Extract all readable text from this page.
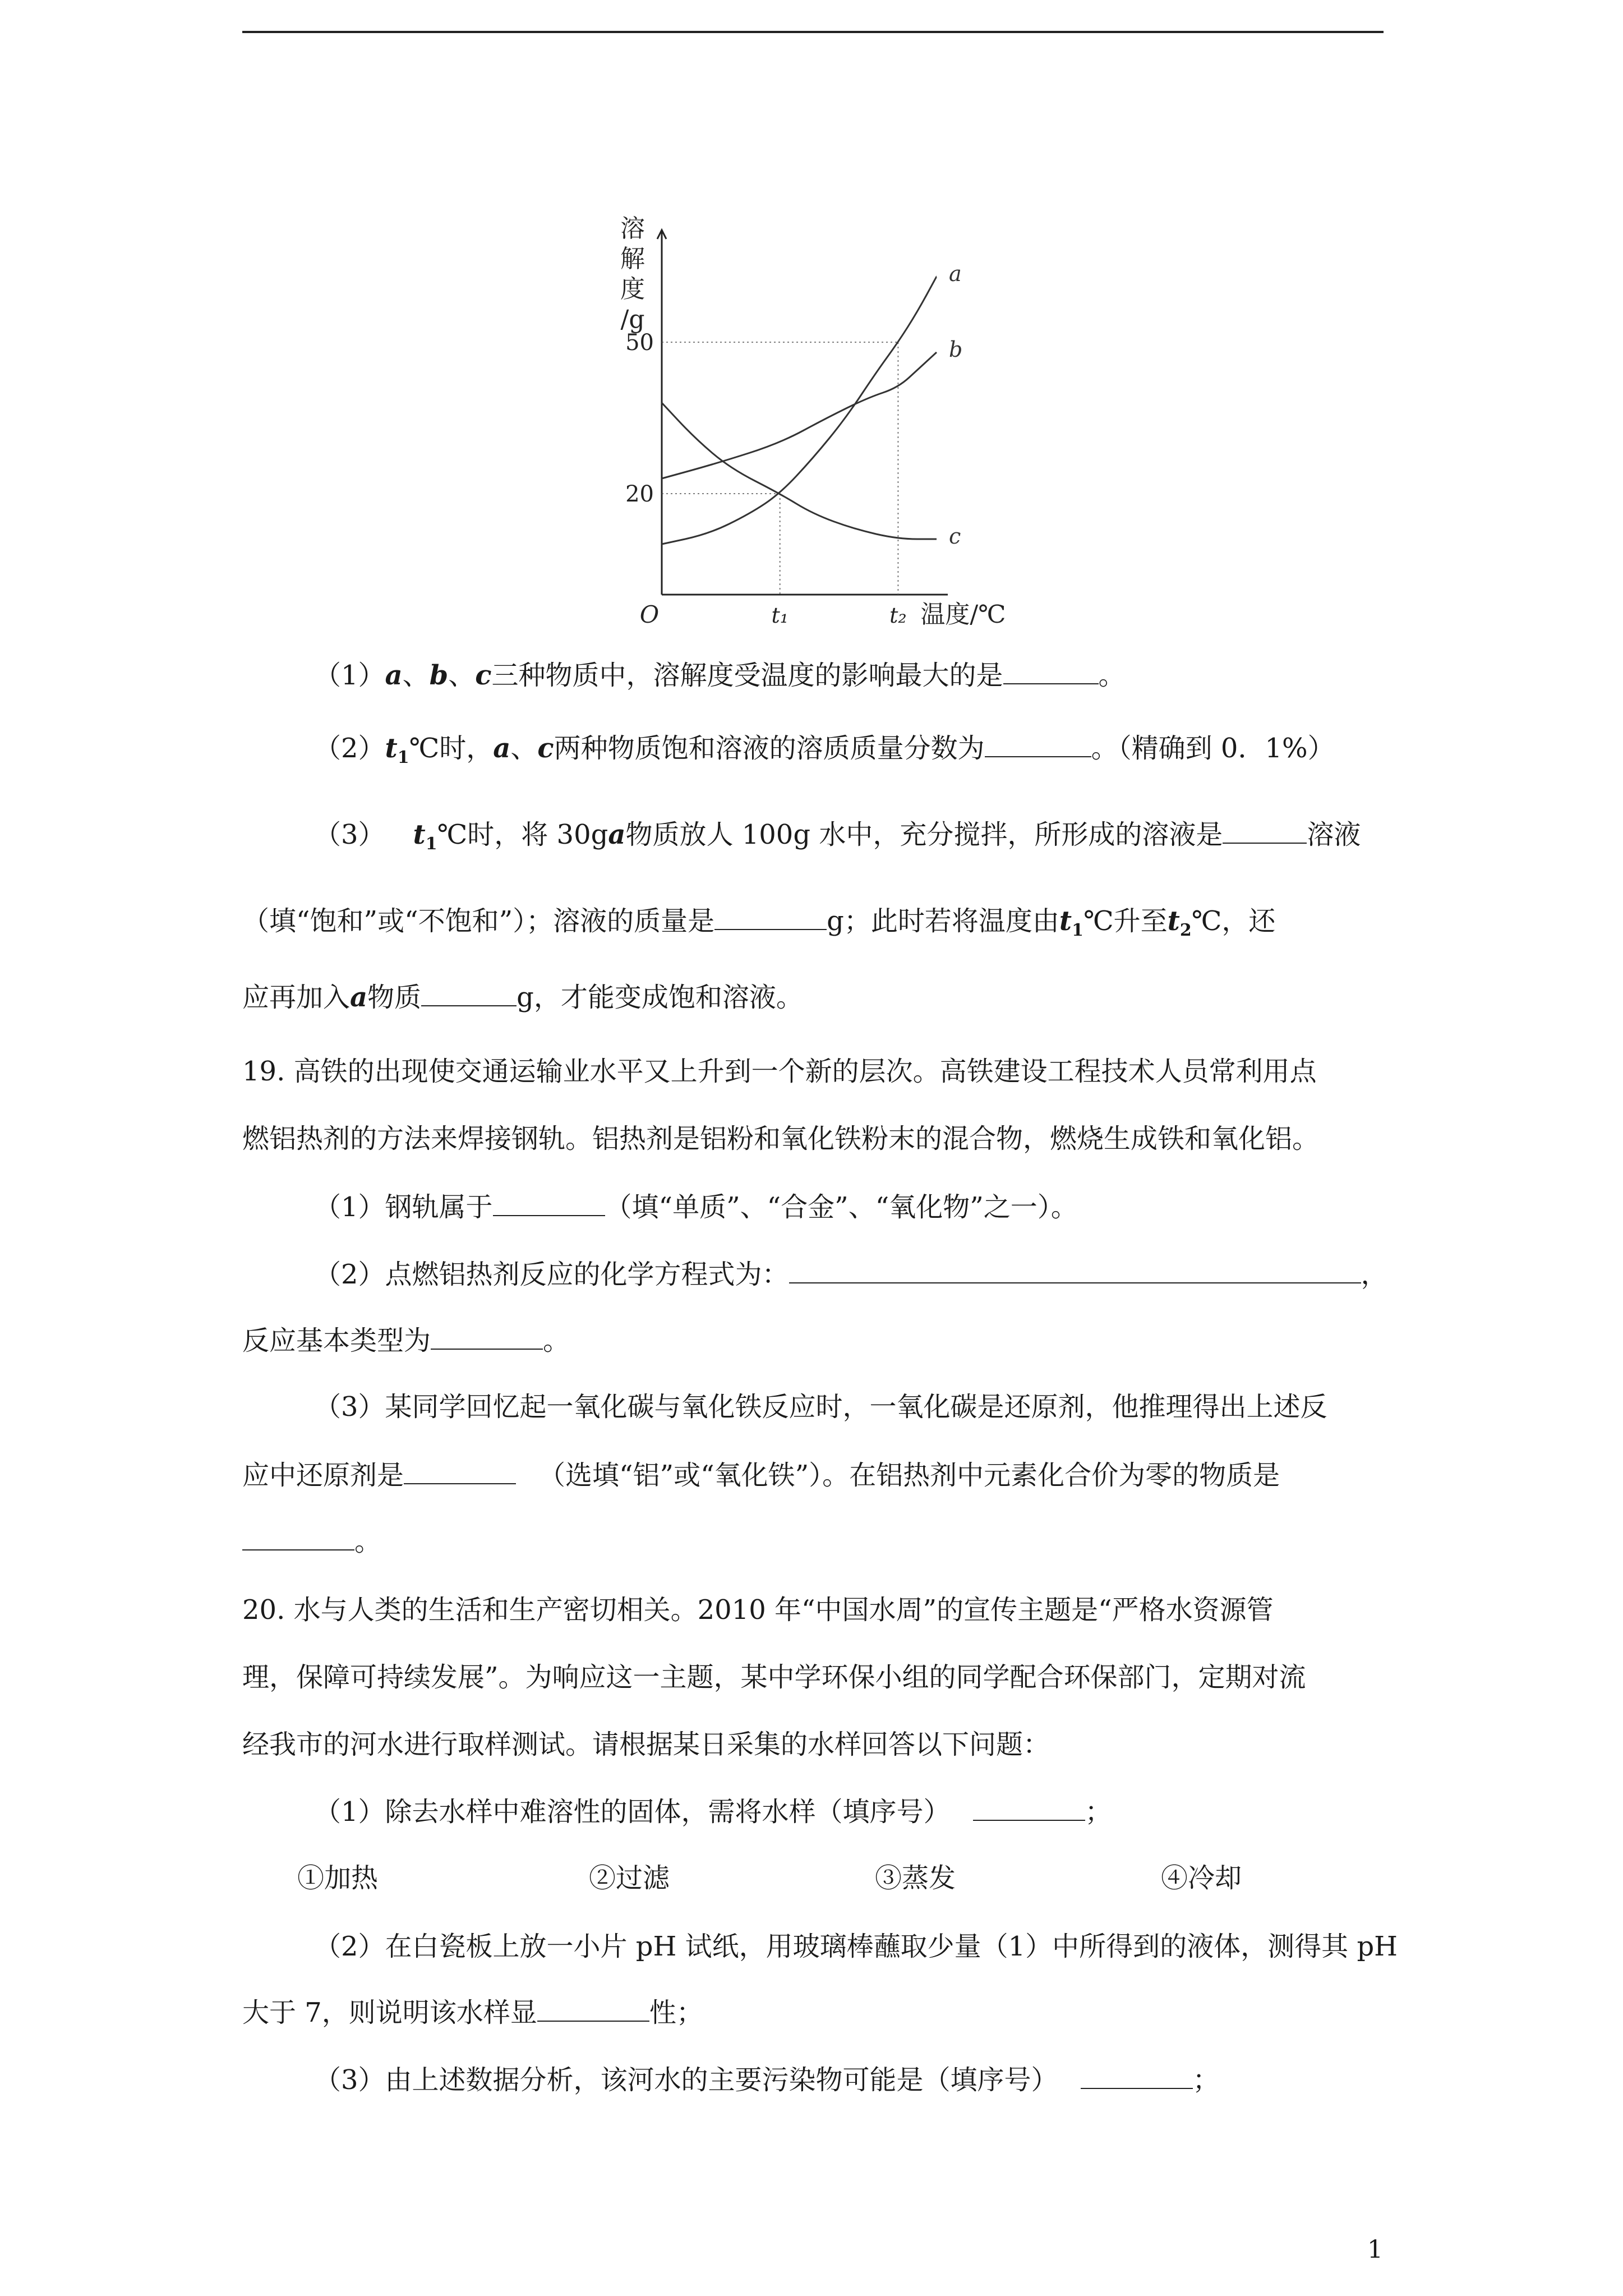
溶
解
度
/g
20
50
O	t₁	t₂ 温度/℃
a
b
c
（1）a、b、c三种物质中，溶解度受温度的影响最大的是	。
$(2)t_1℃$时，a、c两种物质饱和溶液的溶质质量分数为	。（精确到 0．1%）
（3） $t_1℃$时，将 30ga物质放人 100g 水中，充分搅拌，所形成的溶液是	溶液
（填“饱和”或“不饱和”）；溶液的质量是	g；此时若将温度由$t_1℃$升至$t_2℃$，还
应再加入a物质	g，才能变成饱和溶液。
19. 高铁的出现使交通运输业水平又上升到一个新的层次。高铁建设工程技术人员常利用点
燃铝热剂的方法来焊接钢轨。铝热剂是铝粉和氧化铁粉末的混合物，燃烧生成铁和氧化铝。
（1）钢轨属于	（填“单质”、“合金”、“氧化物”之一）。
（2）点燃铝热剂反应的化学方程式为：	，
反应基本类型为	。
（3）某同学回忆起一氧化碳与氧化铁反应时，一氧化碳是还原剂，他推理得出上述反
应中还原剂是	（选填“铝”或“氧化铁”）。在铝热剂中元素化合价为零的物质是
。
20. 水与人类的生活和生产密切相关。2010 年“中国水周”的宣传主题是“严格水资源管
理，保障可持续发展”。为响应这一主题，某中学环保小组的同学配合环保部门，定期对流
经我市的河水进行取样测试。请根据某日采集的水样回答以下问题：
（1）除去水样中难溶性的固体，需将水样（填序号）	；
①加热	②过滤	③蒸发	④冷却
（2）在白瓷板上放一小片 pH 试纸，用玻璃棒蘸取少量（1）中所得到的液体，测得其 pH
大于 7，则说明该水样显	性；
（3）由上述数据分析，该河水的主要污染物可能是（填序号）	；
1
